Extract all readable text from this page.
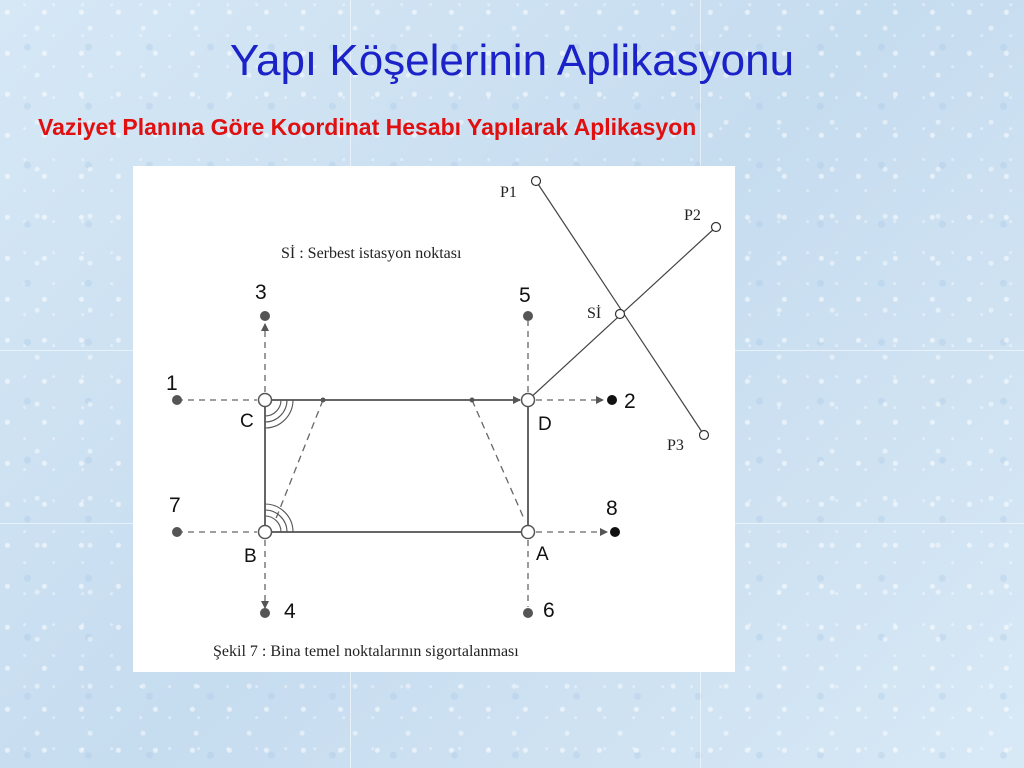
Yapı Köşelerinin Aplikasyonu
Vaziyet Planına Göre Koordinat Hesabı Yapılarak Aplikasyon
Sİ : Serbest istasyon noktası
Şekil 7 : Bina temel noktalarının sigortalanması
P1
P2
P3
Sİ
C
B
D
A
1
2
3
4
5
6
7	8
